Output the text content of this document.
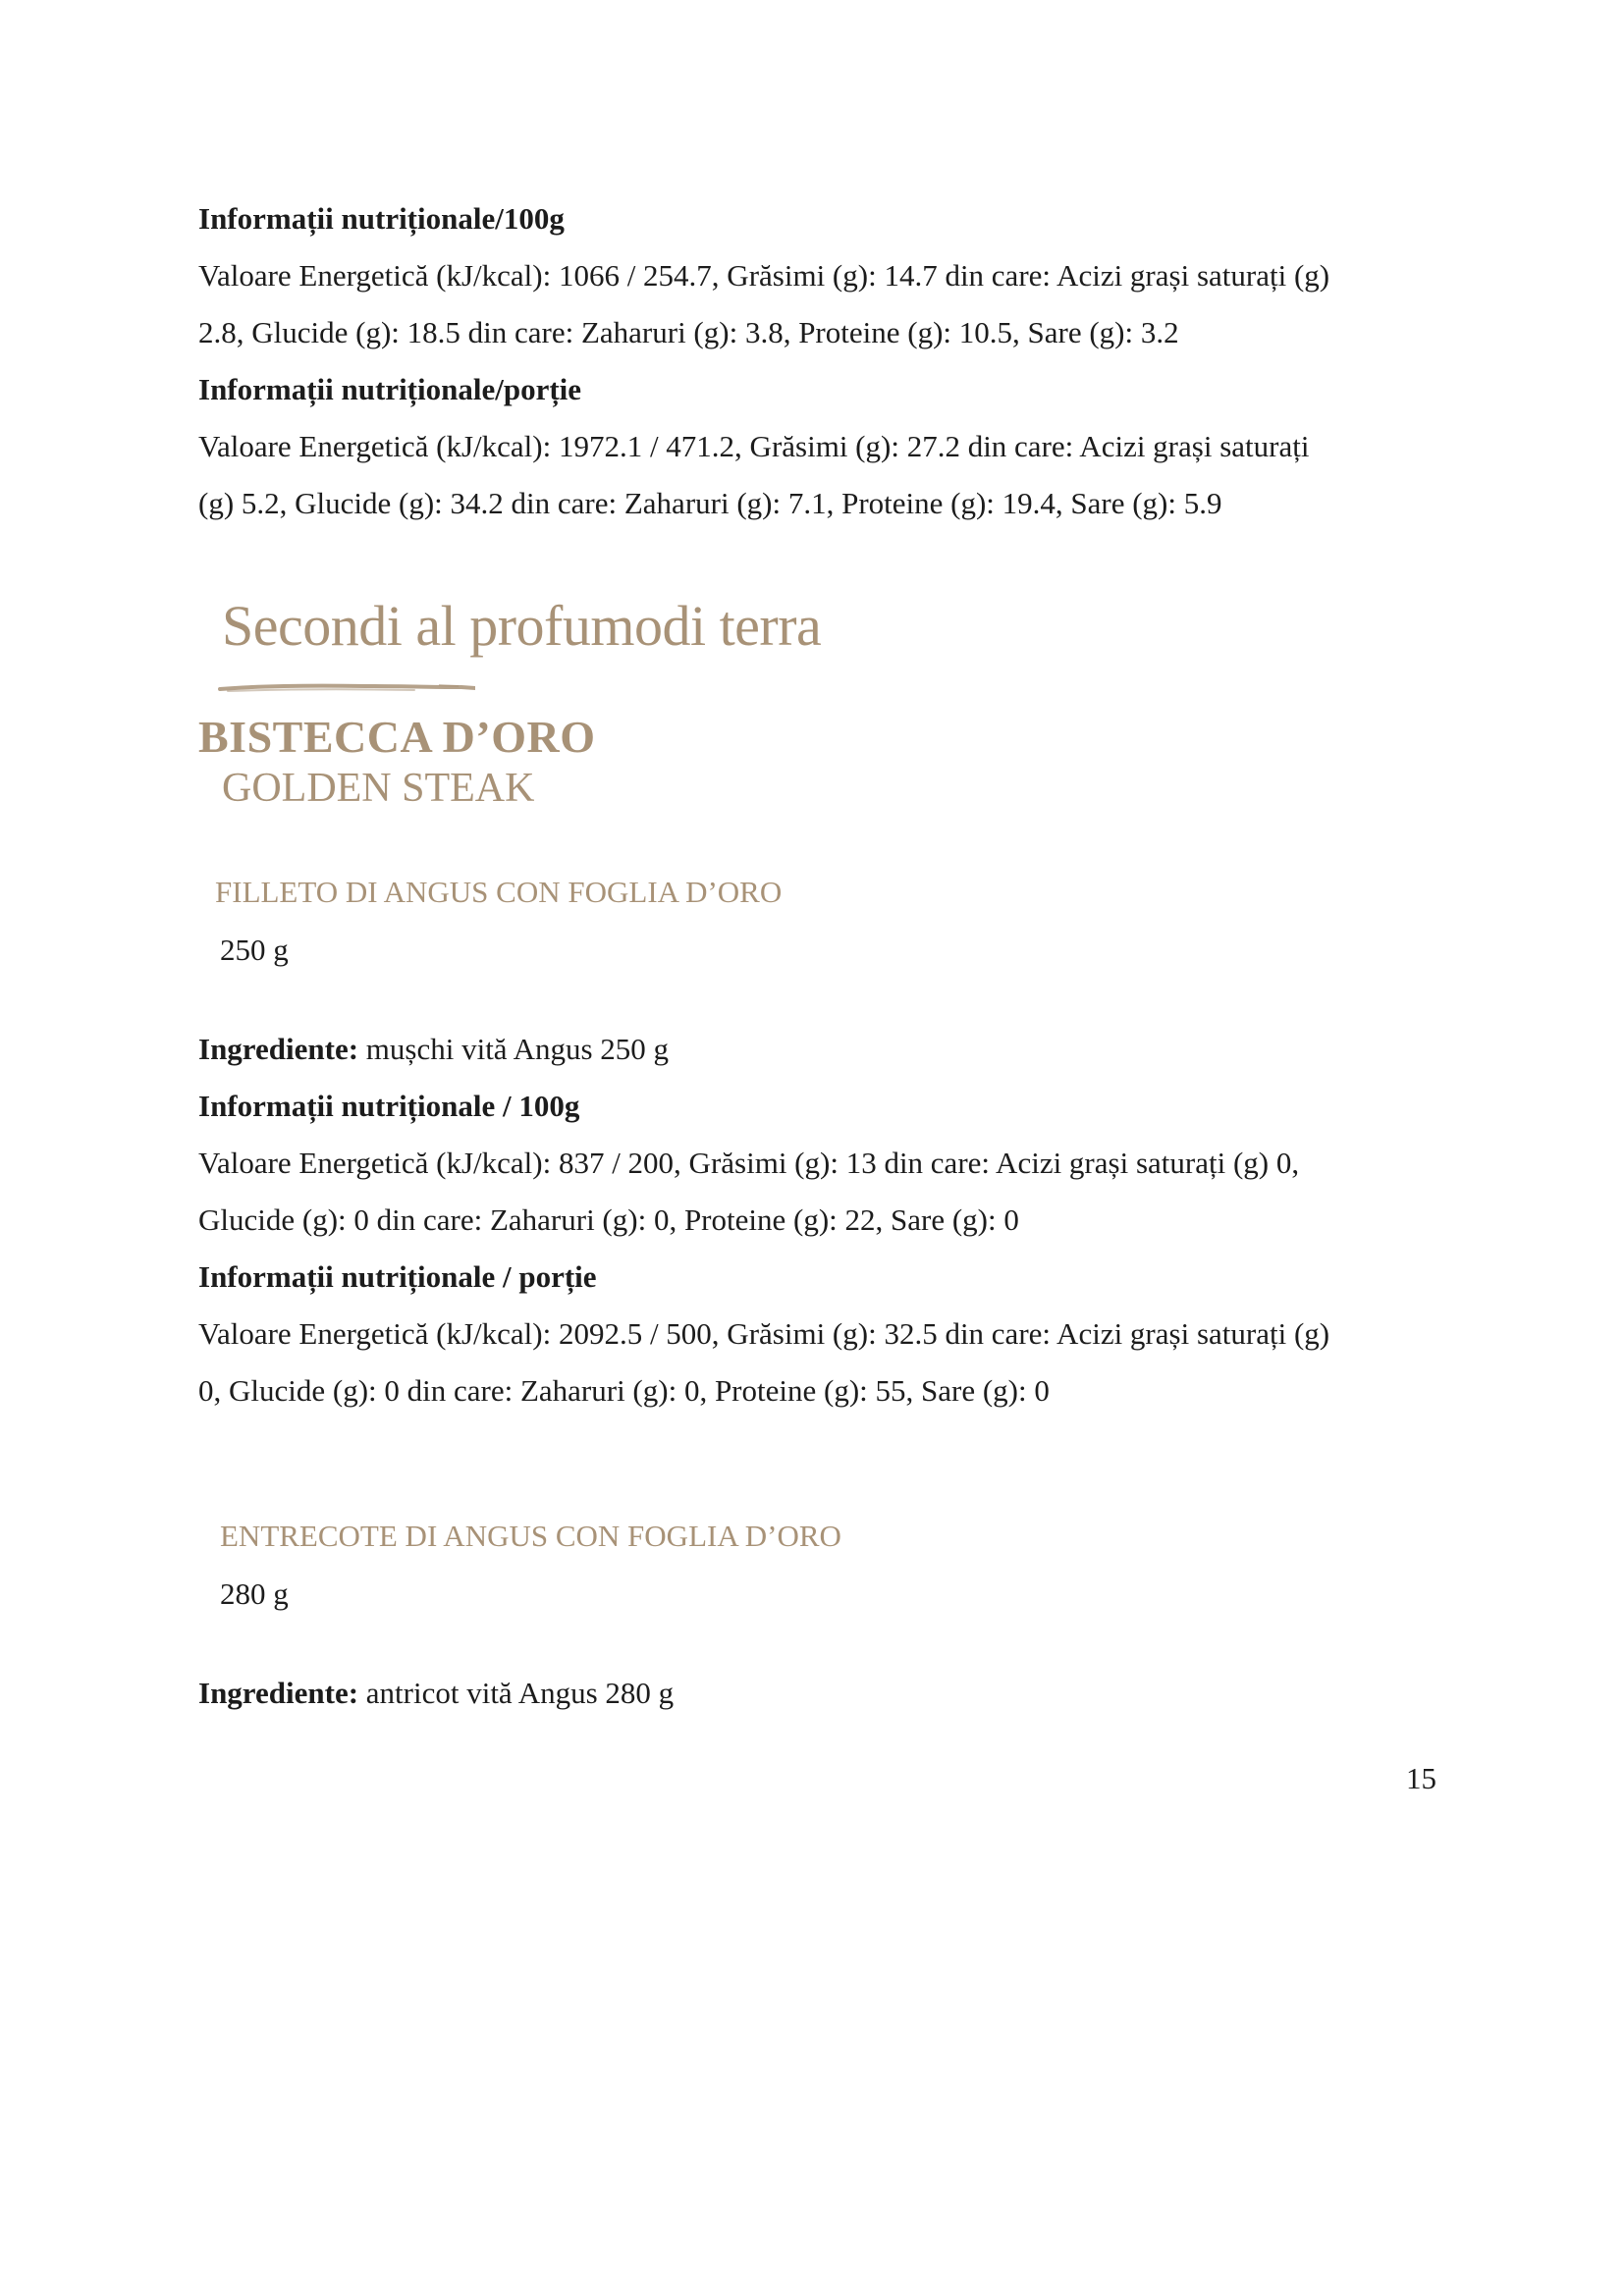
Informații nutriționale/100g
Valoare Energetică (kJ/kcal): 1066 / 254.7, Grăsimi (g): 14.7 din care: Acizi grași saturați (g)
2.8, Glucide (g): 18.5 din care: Zaharuri (g): 3.8, Proteine (g): 10.5, Sare (g): 3.2
Informații nutriționale/porție
Valoare Energetică (kJ/kcal): 1972.1 / 471.2, Grăsimi (g): 27.2 din care: Acizi grași saturați
(g) 5.2, Glucide (g): 34.2 din care: Zaharuri (g): 7.1, Proteine (g): 19.4, Sare (g): 5.9
Secondi al profumodi terra
BISTECCA D’ORO
GOLDEN STEAK
FILLETO DI ANGUS CON FOGLIA D’ORO
250 g
Ingrediente: mușchi vită Angus 250 g
Informații nutriționale / 100g
Valoare Energetică (kJ/kcal): 837 / 200, Grăsimi (g): 13 din care: Acizi grași saturați (g) 0,
Glucide (g): 0 din care: Zaharuri (g): 0, Proteine (g): 22, Sare (g): 0
Informații nutriționale / porție
Valoare Energetică (kJ/kcal): 2092.5 / 500, Grăsimi (g): 32.5 din care: Acizi grași saturați (g)
0, Glucide (g): 0 din care: Zaharuri (g): 0, Proteine (g): 55, Sare (g): 0
ENTRECOTE DI ANGUS CON FOGLIA D’ORO
280 g
Ingrediente: antricot vită Angus 280 g
15
